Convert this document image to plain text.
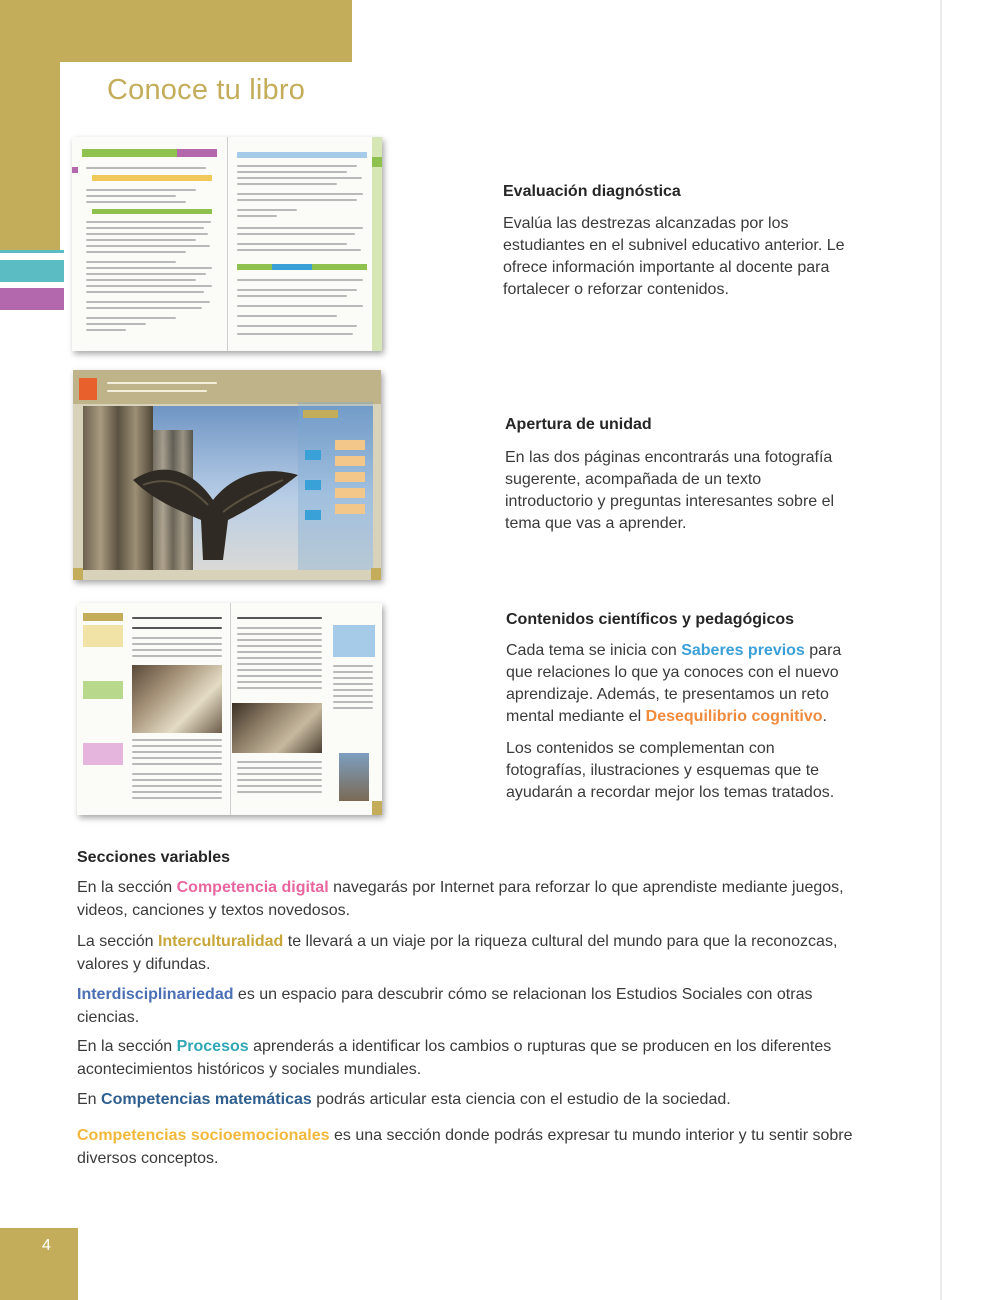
Conoce tu libro
Evaluación diagnóstica

Evalúa las destrezas alcanzadas por los estudiantes en el subnivel educativo anterior. Le ofrece información importante al docente para fortalecer o reforzar contenidos.

Apertura de unidad

En las dos páginas encontrarás una fotografía sugerente, acompañada de un texto introductorio y preguntas interesantes sobre el tema que vas a aprender.

Contenidos científicos y pedagógicos

Cada tema se inicia con Saberes previos para que relaciones lo que ya conoces con el nuevo aprendizaje. Además, te presentamos un reto mental mediante el Desequilibrio cognitivo.

Los contenidos se complementan con fotografías, ilustraciones y esquemas que te ayudarán a recordar mejor los temas tratados.

Secciones variables

En la sección Competencia digital navegarás por Internet para reforzar lo que aprendiste mediante juegos, videos, canciones y textos novedosos.

La sección Interculturalidad te llevará a un viaje por la riqueza cultural del mundo para que la reconozcas, valores y difundas.

Interdisciplinariedad es un espacio para descubrir cómo se relacionan los Estudios Sociales con otras ciencias.

En la sección Procesos aprenderás a identificar los cambios o rupturas que se producen en los diferentes acontecimientos históricos y sociales mundiales.

En Competencias matemáticas podrás articular esta ciencia con el estudio de la sociedad.

Competencias socioemocionales es una sección donde podrás expresar tu mundo interior y tu sentir sobre diversos conceptos.

4
